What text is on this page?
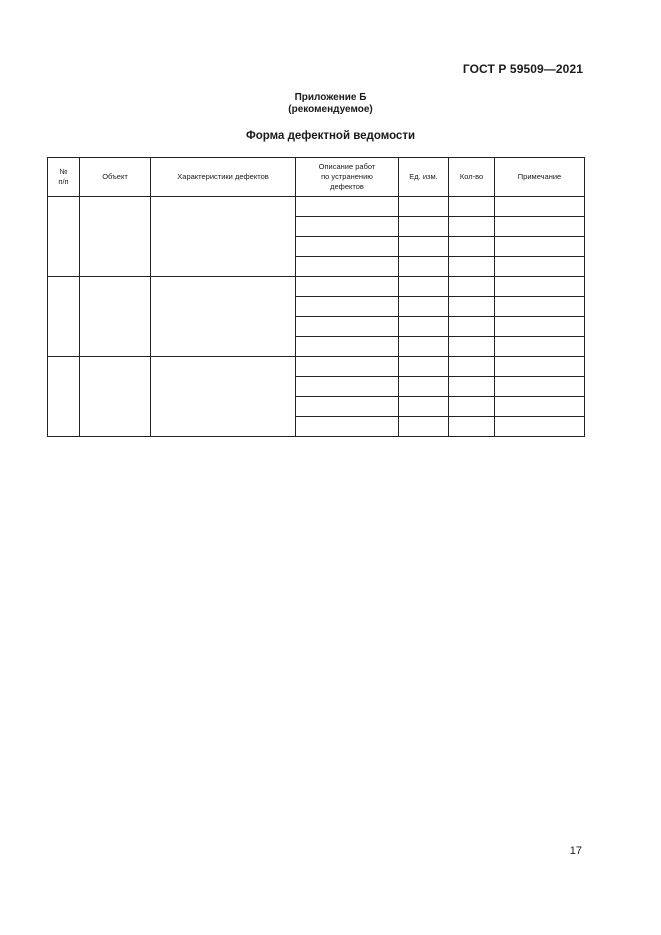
ГОСТ Р 59509—2021
Приложение Б
(рекомендуемое)
Форма дефектной ведомости
№
п/п	Объект	Характеристики дефектов	Описание работ
по устранению
дефектов	Ед. изм.	Кол-во	Примечание

17
